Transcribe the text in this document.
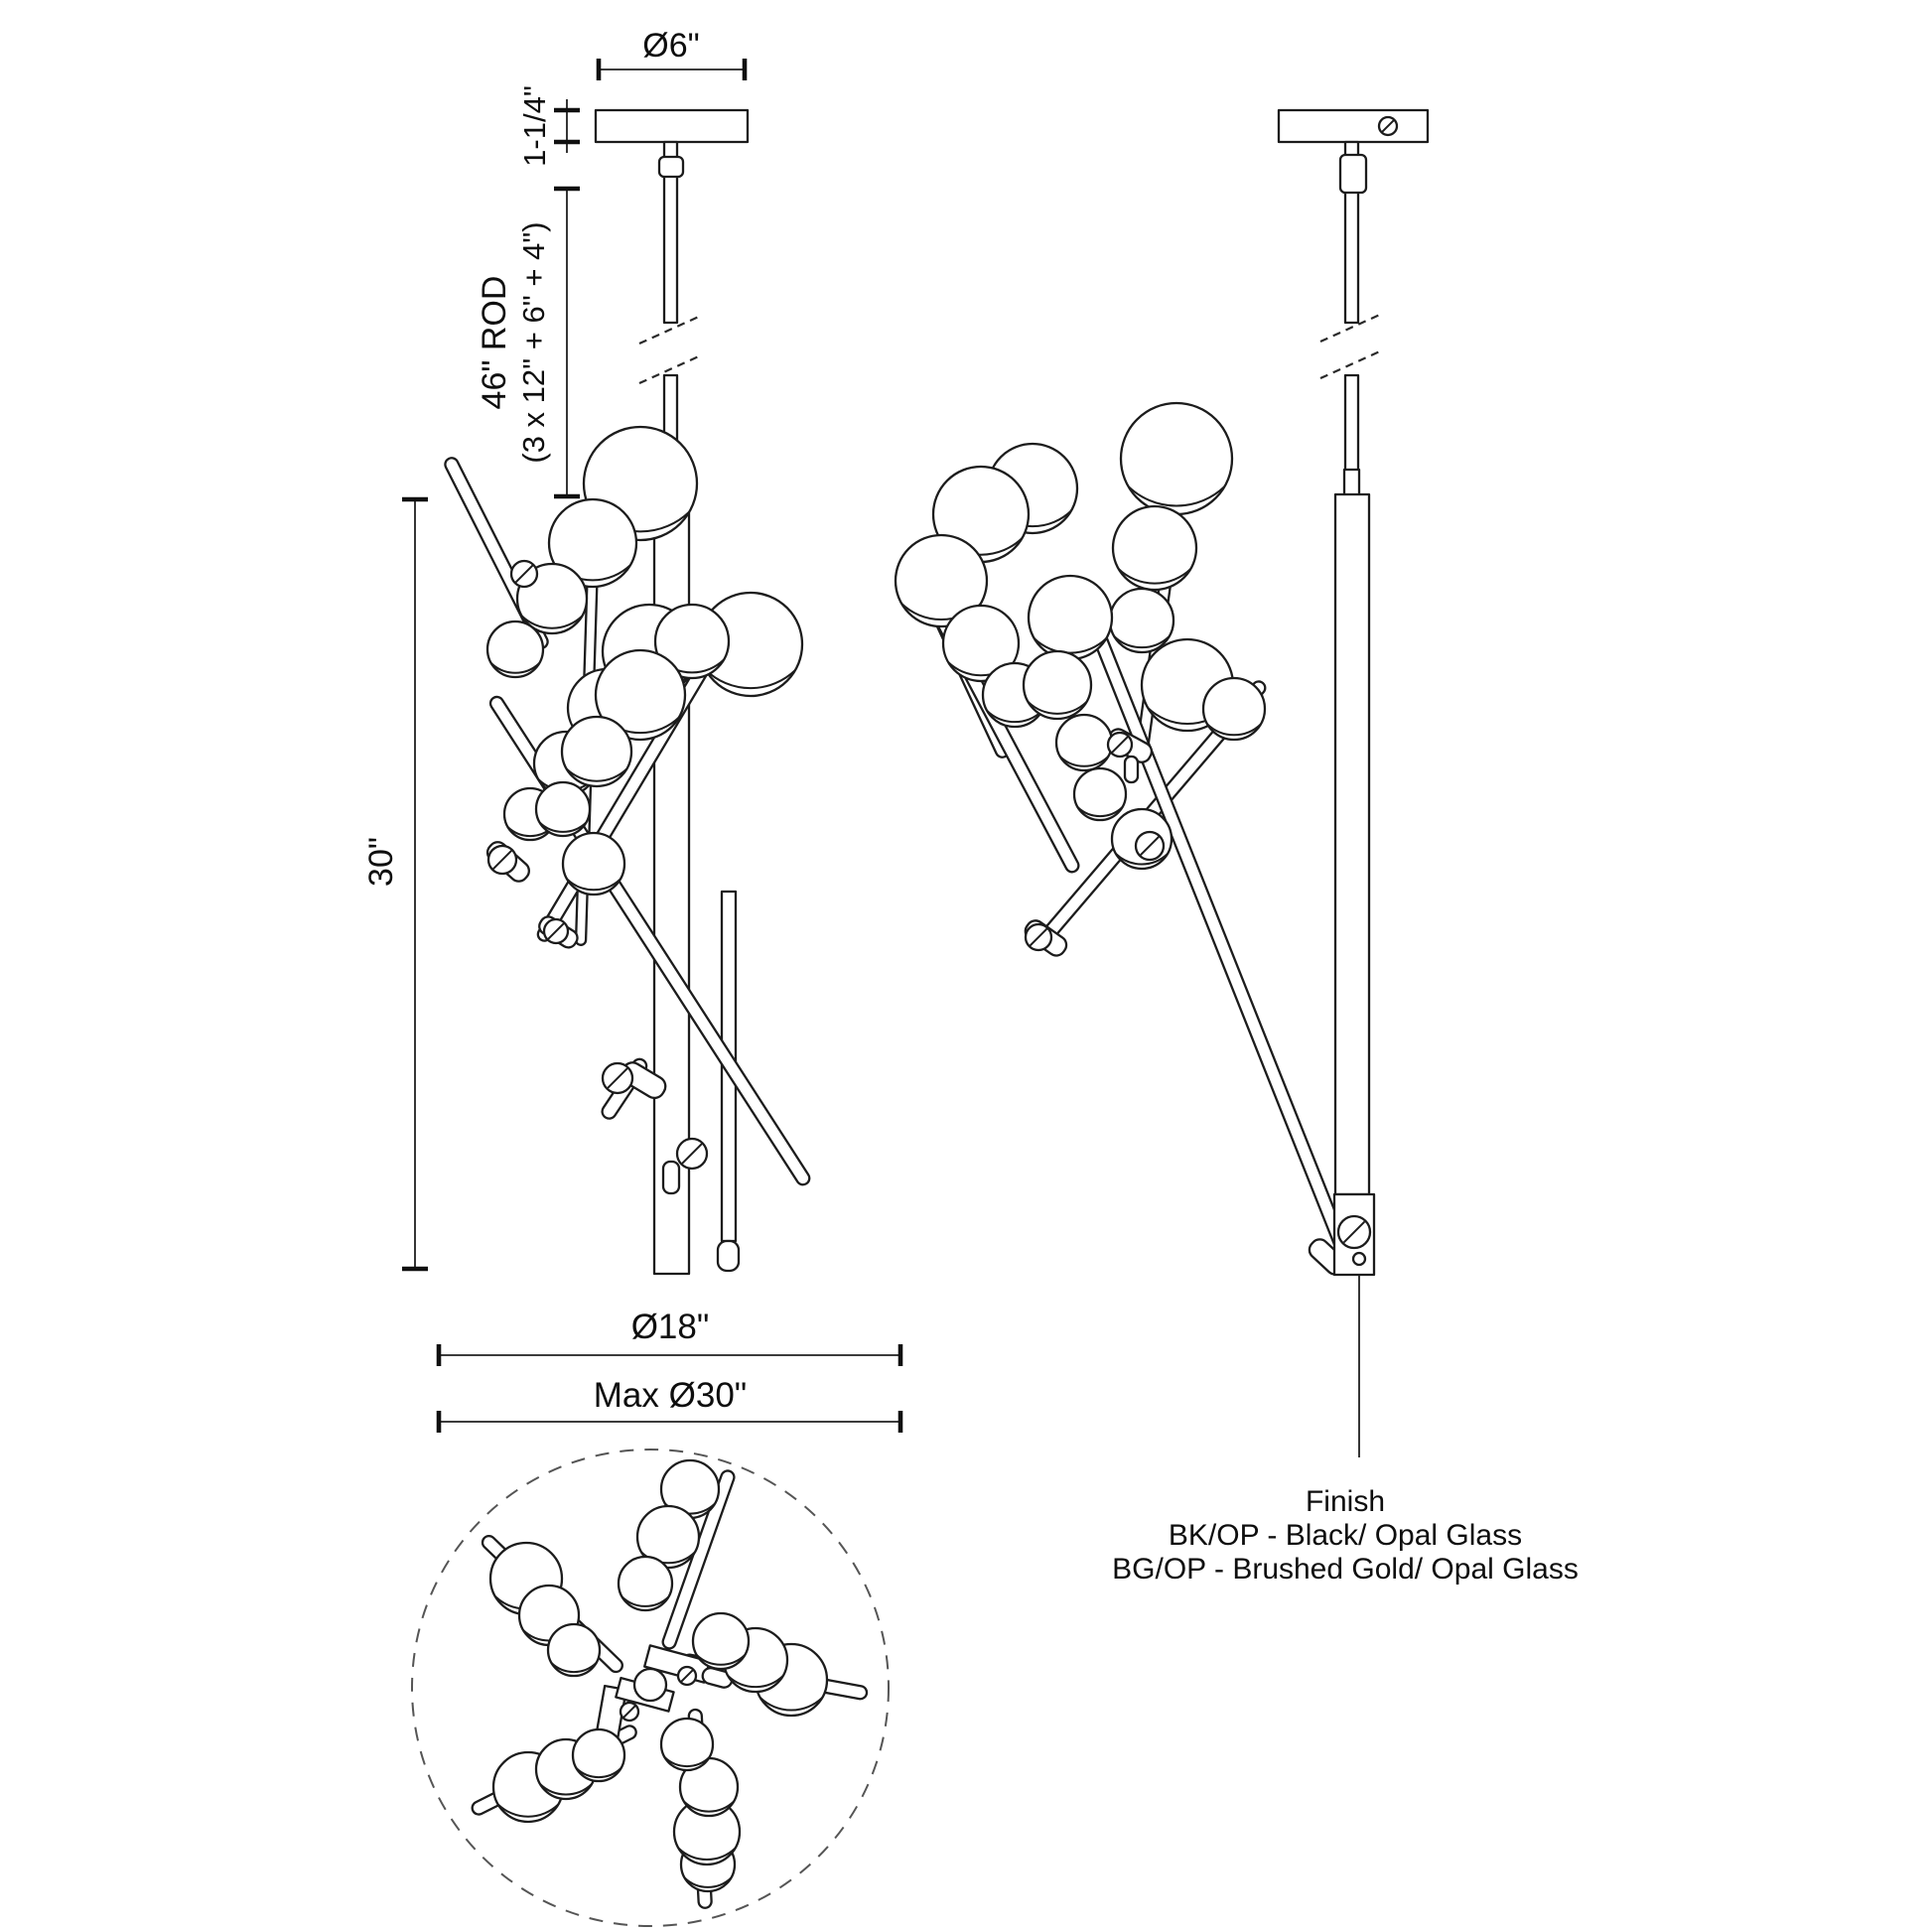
Ø6"
1-1/4"
46" ROD (3 x 12" + 6" + 4")
30"
Ø18"
Max Ø30"
Finish
BK/OP - Black/ Opal Glass
BG/OP - Brushed Gold/ Opal Glass
